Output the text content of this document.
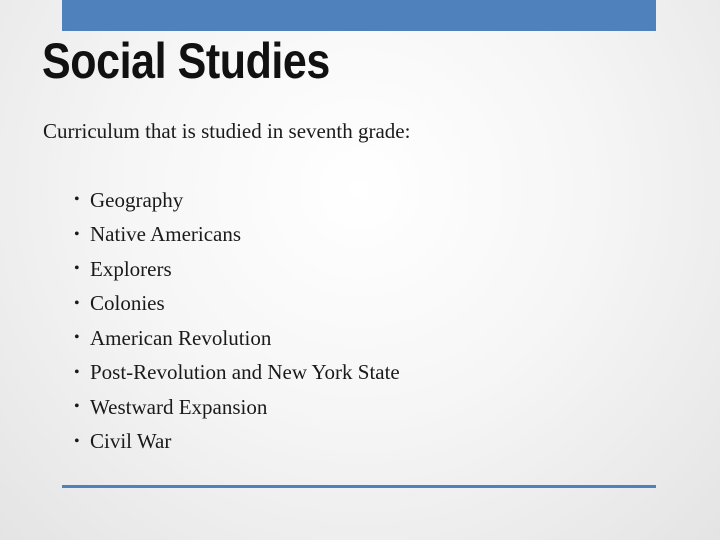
Social Studies
Curriculum that is studied in seventh grade:
• Geography
• Native Americans
• Explorers
• Colonies
• American Revolution
• Post-Revolution and New York State
• Westward Expansion
• Civil War
